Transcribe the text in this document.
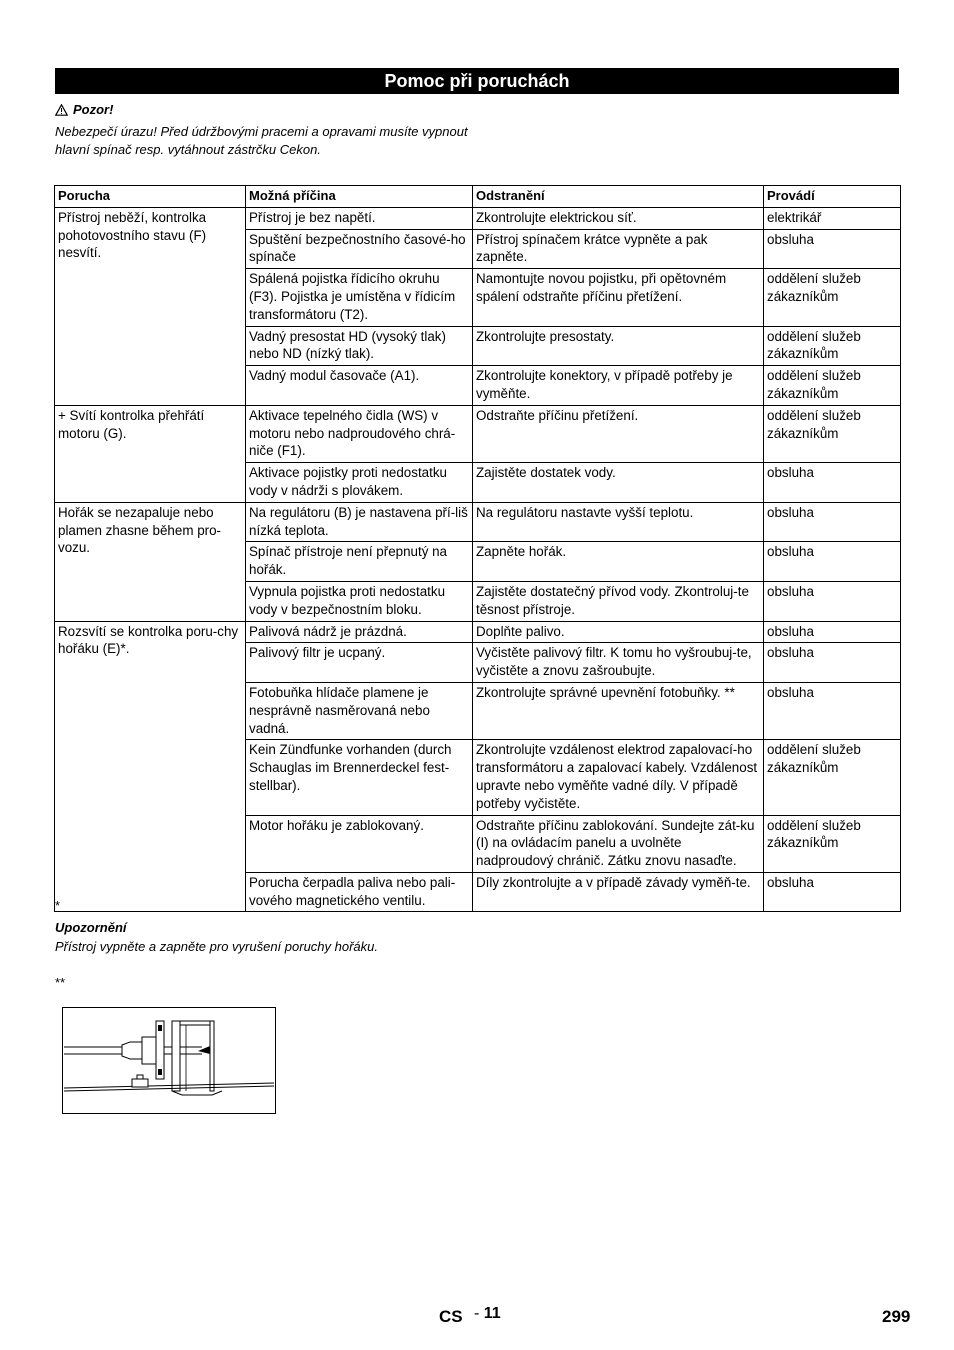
Pomoc při poruchách
Pozor!
Nebezpečí úrazu! Před údržbovými pracemi a opravami musíte vypnout hlavní spínač resp. vytáhnout zástrčku Cekon.
Porucha	Možná příčina	Odstranění	Provádí
Přístroj neběží, kontrolka pohotovostního stavu (F) nesvítí.	Přístroj je bez napětí.	Zkontrolujte elektrickou síť.	elektrikář
	Spuštění bezpečnostního časové-ho spínače	Přístroj spínačem krátce vypněte a pak zapněte.	obsluha
	Spálená pojistka řídicího okruhu (F3). Pojistka je umístěna v řídicím transformátoru (T2).	Namontujte novou pojistku, při opětovném spálení odstraňte příčinu přetížení.	oddělení služeb zákazníkům
	Vadný presostat HD (vysoký tlak) nebo ND (nízký tlak).	Zkontrolujte presostaty.	oddělení služeb zákazníkům
	Vadný modul časovače (A1).	Zkontrolujte konektory, v případě potřeby je vyměňte.	oddělení služeb zákazníkům
+ Svítí kontrolka přehřátí motoru (G).	Aktivace tepelného čidla (WS) v motoru nebo nadproudového chrá-niče (F1).	Odstraňte příčinu přetížení.	oddělení služeb zákazníkům
	Aktivace pojistky proti nedostatku vody v nádrži s plovákem.	Zajistěte dostatek vody.	obsluha
Hořák se nezapaluje nebo plamen zhasne během pro-vozu.	Na regulátoru (B) je nastavena pří-liš nízká teplota.	Na regulátoru nastavte vyšší teplotu.	obsluha
	Spínač přístroje není přepnutý na hořák.	Zapněte hořák.	obsluha
	Vypnula pojistka proti nedostatku vody v bezpečnostním bloku.	Zajistěte dostatečný přívod vody. Zkontroluj-te těsnost přístroje.	obsluha
Rozsvítí se kontrolka poru-chy hořáku (E)*.	Palivová nádrž je prázdná.	Doplňte palivo.	obsluha
	Palivový filtr je ucpaný.	Vyčistěte palivový filtr. K tomu ho vyšroubuj-te, vyčistěte a znovu zašroubujte.	obsluha
	Fotobuňka hlídače plamene je nesprávně nasměrovaná nebo vadná.	Zkontrolujte správné upevnění fotobuňky. **	obsluha
	Kein Zündfunke vorhanden (durch Schauglas im Brennerdeckel fest-stellbar).	Zkontrolujte vzdálenost elektrod zapalovací-ho transformátoru a zapalovací kabely. Vzdálenost upravte nebo vyměňte vadné díly. V případě potřeby vyčistěte.	oddělení služeb zákazníkům
	Motor hořáku je zablokovaný.	Odstraňte příčinu zablokování. Sundejte zát-ku (I) na ovládacím panelu a uvolněte nadproudový chránič. Zátku znovu nasaďte.	oddělení služeb zákazníkům
	Porucha čerpadla paliva nebo pali-vového magnetického ventilu.	Díly zkontrolujte a v případě závady vyměň-te.	obsluha
*
Upozornění
Přístroj vypněte a zapněte pro vyrušení poruchy hořáku.
**
CS - 11	299
